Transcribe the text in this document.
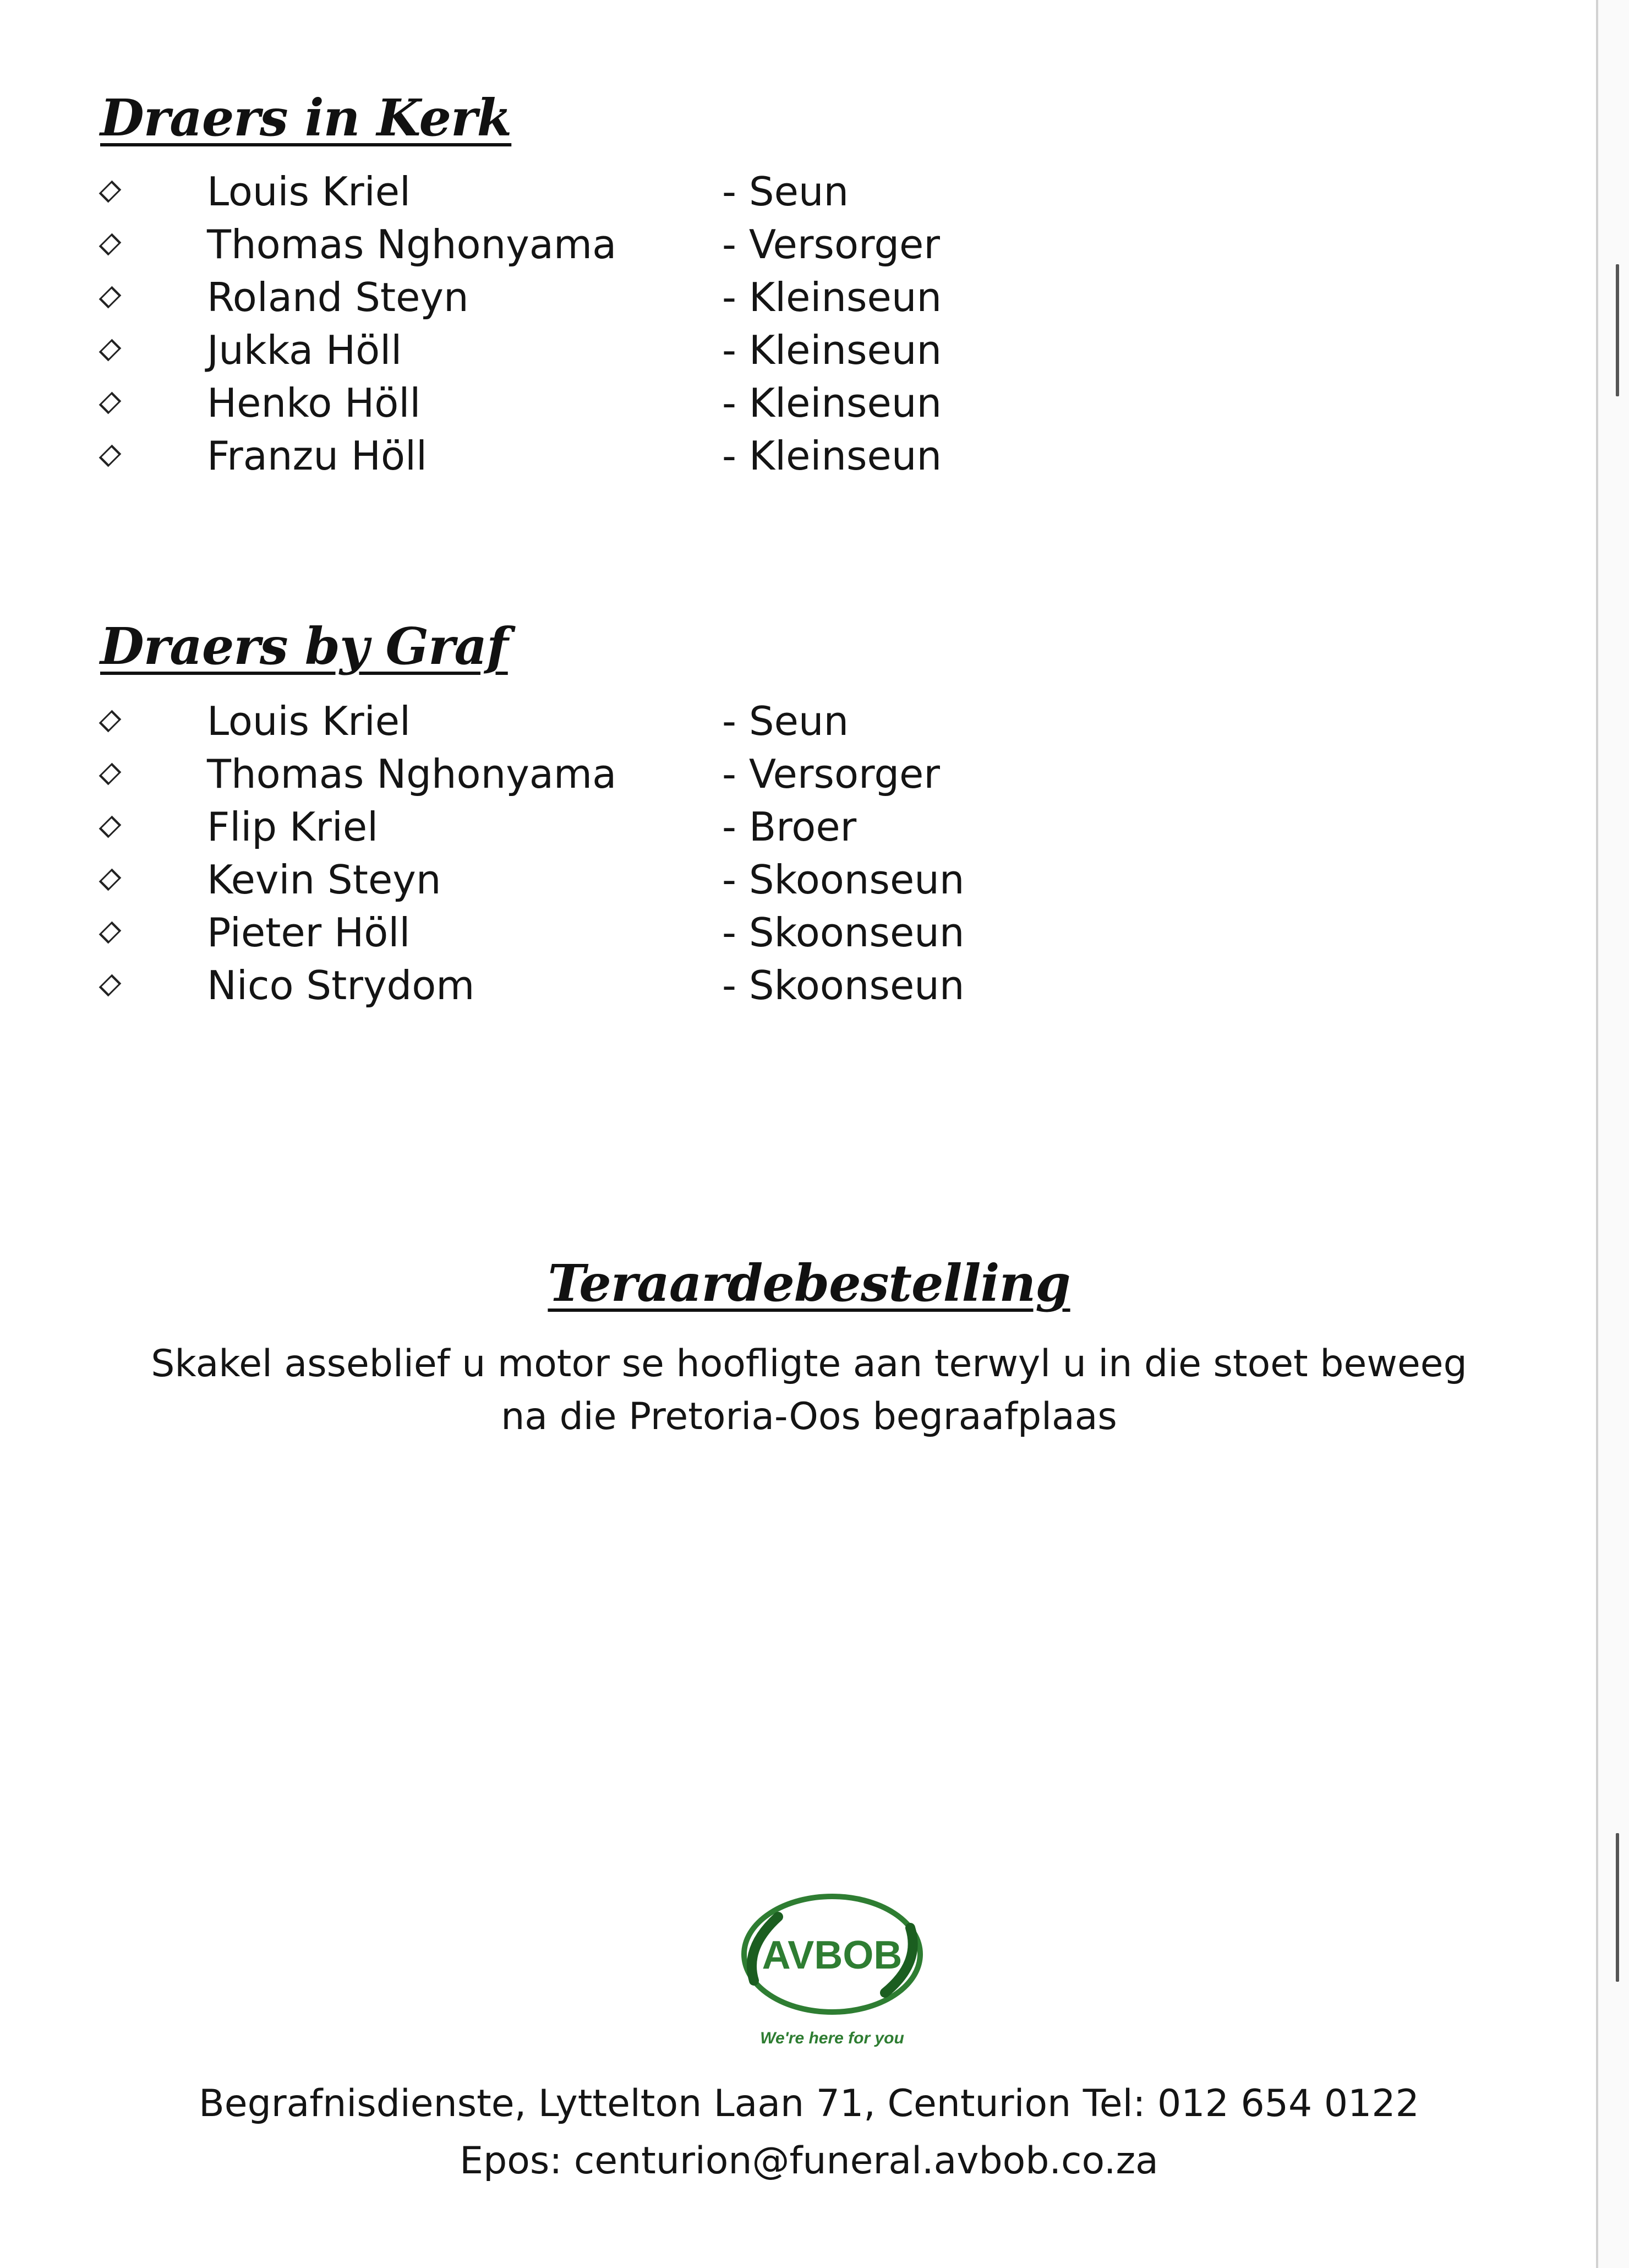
Draers in Kerk
Louis Kriel	- Seun
Thomas Nghonyama	- Versorger
Roland Steyn	- Kleinseun
Jukka Höll	- Kleinseun
Henko Höll	- Kleinseun
Franzu Höll	- Kleinseun
Draers by Graf
Louis Kriel	- Seun
Thomas Nghonyama	- Versorger
Flip Kriel	- Broer
Kevin Steyn	- Skoonseun
Pieter Höll	- Skoonseun
Nico Strydom	- Skoonseun
Teraardebestelling

Skakel asseblief u motor se hoofligte aan terwyl u in die stoet beweeg

na die Pretoria-Oos begraafplaas

AVBOB
We're here for you

Begrafnisdienste, Lyttelton Laan 71, Centurion Tel: 012 654 0122

Epos: centurion@funeral.avbob.co.za
